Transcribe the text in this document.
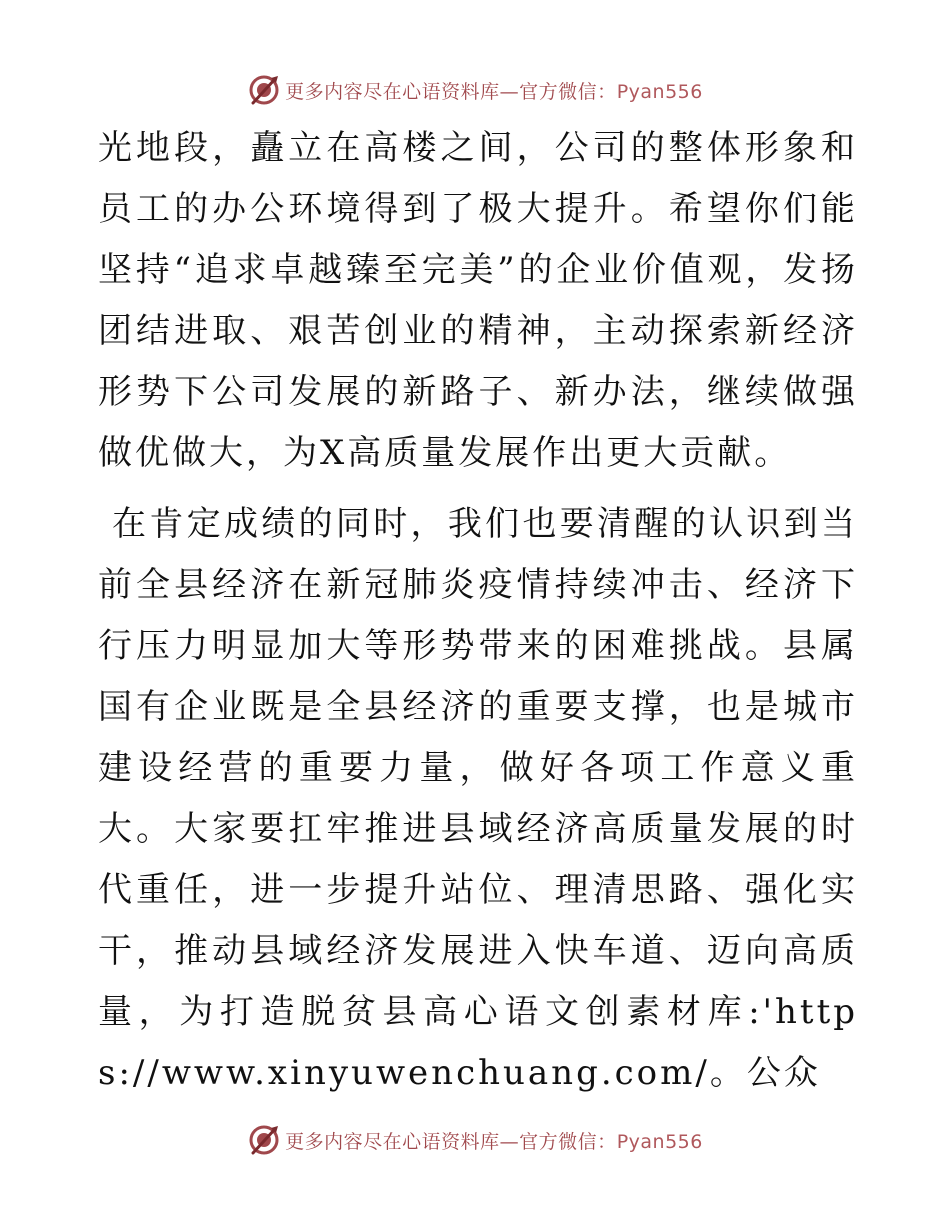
更多内容尽在心语资料库—官方微信：Pyan556

光地段，矗立在高楼之间，公司的整体形象和员工的办公环境得到了极大提升。希望你们能坚持“追求卓越臻至完美”的企业价值观，发扬团结进取、艰苦创业的精神，主动探索新经济形势下公司发展的新路子、新办法，继续做强做优做大，为X高质量发展作出更大贡献。

在肯定成绩的同时，我们也要清醒的认识到当前全县经济在新冠肺炎疫情持续冲击、经济下行压力明显加大等形势带来的困难挑战。县属国有企业既是全县经济的重要支撑，也是城市建设经营的重要力量，做好各项工作意义重大。大家要扛牢推进县域经济高质量发展的时代重任，进一步提升站位、理清思路、强化实干，推动县域经济发展进入快车道、迈向高质量，为打造脱贫县高心语文创素材库:'https://www.xinyuwenchuang.com/。公众

更多内容尽在心语资料库—官方微信：Pyan556
